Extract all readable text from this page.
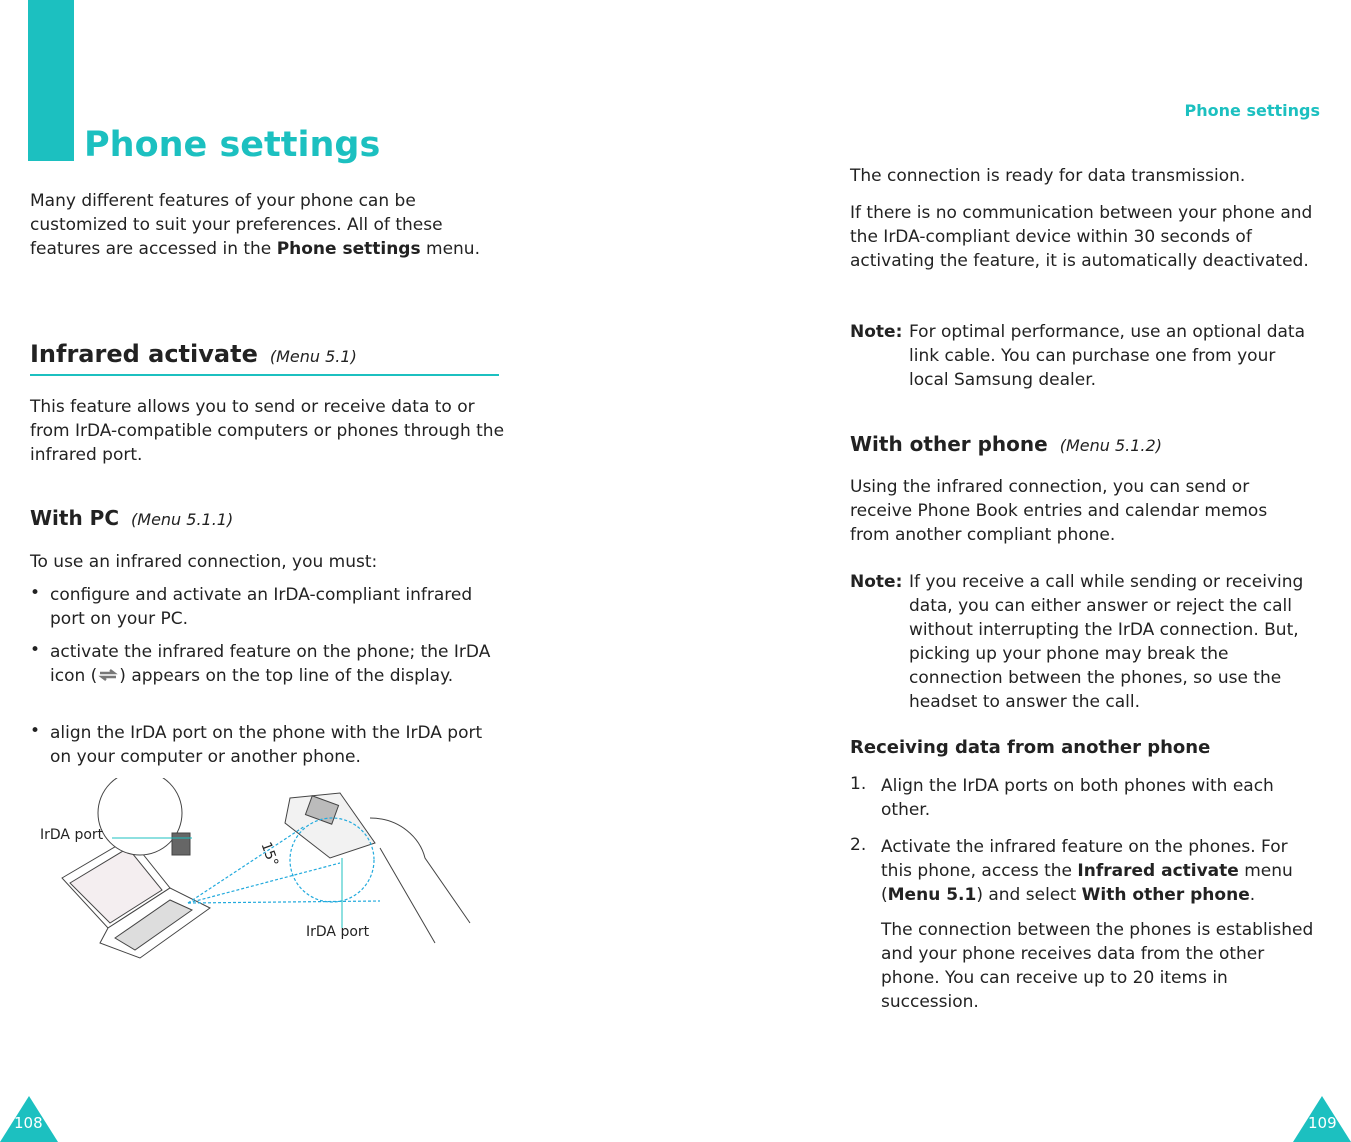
Phone settings

Many different features of your phone can be customized to suit your preferences. All of these features are accessed in the Phone settings menu.

Infrared activate (Menu 5.1)

This feature allows you to send or receive data to or from IrDA-compatible computers or phones through the infrared port.

With PC (Menu 5.1.1)

To use an infrared connection, you must:

• configure and activate an IrDA-compliant infrared port on your PC.
• activate the infrared feature on the phone; the IrDA icon ( ) appears on the top line of the display.
• align the IrDA port on the phone with the IrDA port on your computer or another phone.
15°
IrDA port
IrDA port
108
Phone settings

The connection is ready for data transmission.

If there is no communication between your phone and the IrDA-compliant device within 30 seconds of activating the feature, it is automatically deactivated.

Note: For optimal performance, use an optional data link cable. You can purchase one from your local Samsung dealer.
With other phone (Menu 5.1.2)

Using the infrared connection, you can send or receive Phone Book entries and calendar memos from another compliant phone.

Note: If you receive a call while sending or receiving data, you can either answer or reject the call without interrupting the IrDA connection. But, picking up your phone may break the connection between the phones, so use the headset to answer the call.
Receiving data from another phone
1. Align the IrDA ports on both phones with each other.
2. Activate the infrared feature on the phones. For this phone, access the Infrared activate menu (Menu 5.1) and select With other phone.
The connection between the phones is established and your phone receives data from the other phone. You can receive up to 20 items in succession.
109
